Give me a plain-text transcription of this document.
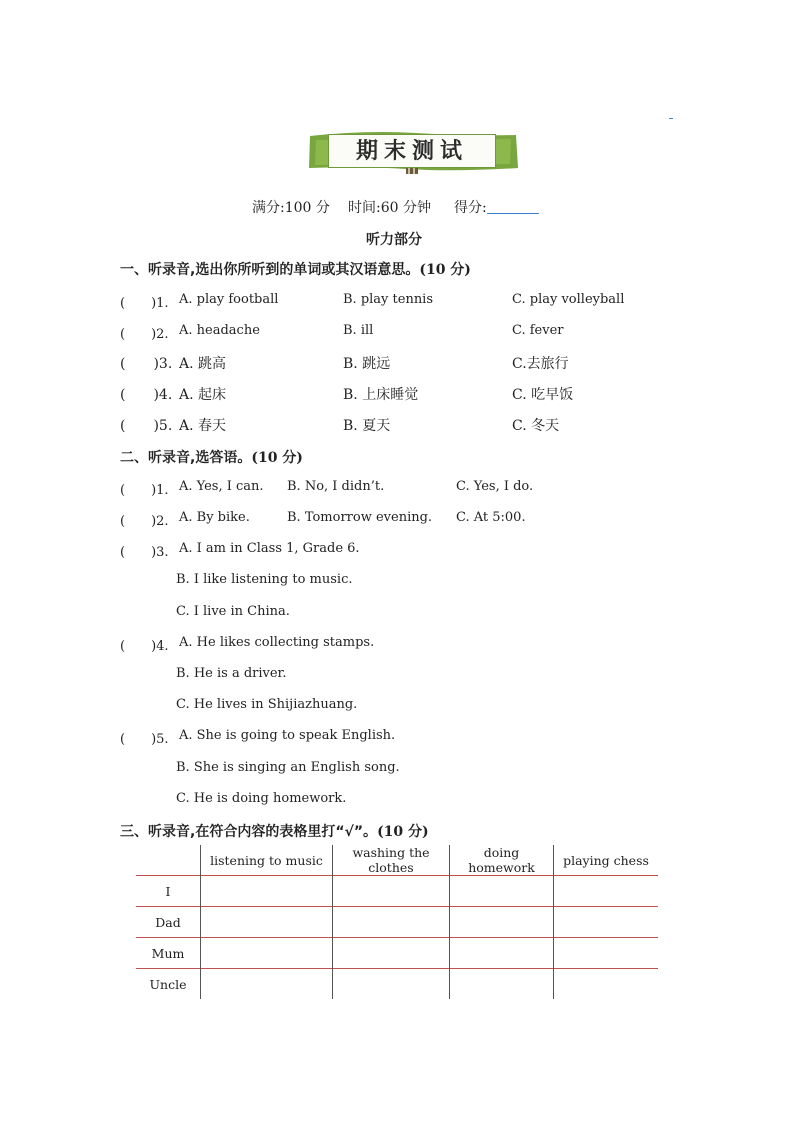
期末测试
满分:100 分 时间:60 分钟 得分:
听力部分
一、听录音,选出你所听到的单词或其汉语意思。(10 分)
(　　)1. A. play football	B. play tennis	C. play volleyball
(　　)2. A. headache	B. ill	C. fever
(　　)3. A. 跳高	B. 跳远	C.去旅行
(　　)4. A. 起床	B. 上床睡觉	C. 吃早饭
(　　)5. A. 春天	B. 夏天	C. 冬天
二、听录音,选答语。(10 分)
(　　)1. A. Yes, I can. B. No, I didn’t.	C. Yes, I do.
(　　)2. A. By bike.	B. Tomorrow evening. C. At 5:00.
(　　)3. A. I am in Class 1, Grade 6.
B. I like listening to music.
C. I live in China.
(　　)4. A. He likes collecting stamps.
B. He is a driver.
C. He lives in Shijiazhuang.
(　　)5. A. She is going to speak English.
B. She is singing an English song.
C. He is doing homework.
三、听录音,在符合内容的表格里打“√”。(10 分)
	listening to music	washing the clothes	doing homework	playing chess
I				
Dad				
Mum				
Uncle				
